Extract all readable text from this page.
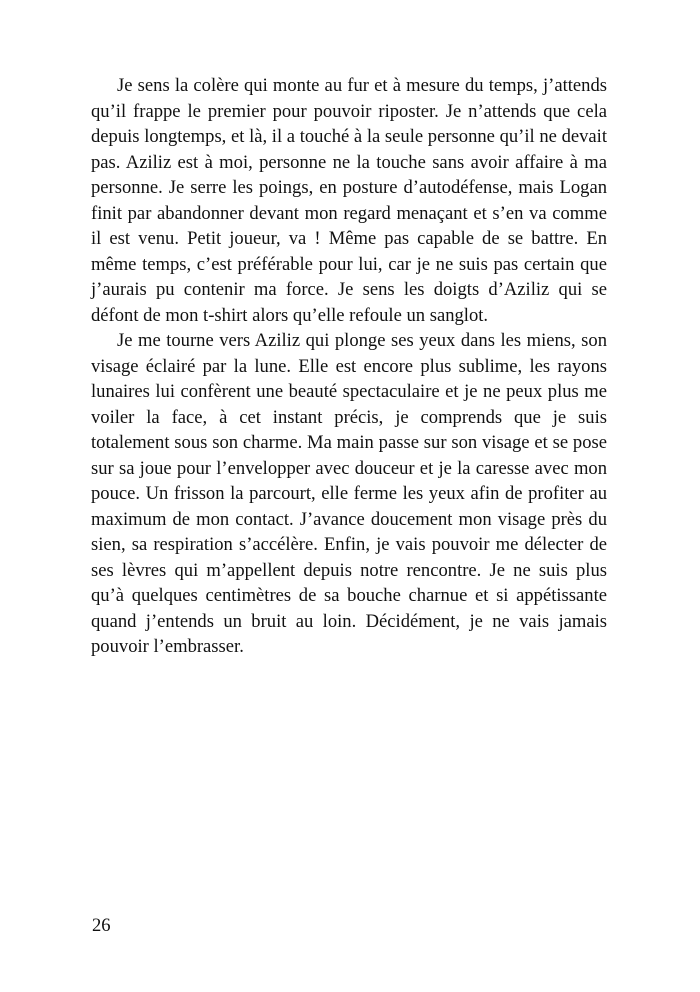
Je sens la colère qui monte au fur et à mesure du temps, j’attends qu’il frappe le premier pour pouvoir riposter. Je n’attends que cela depuis longtemps, et là, il a touché à la seule personne qu’il ne devait pas. Aziliz est à moi, personne ne la touche sans avoir affaire à ma personne. Je serre les poings, en posture d’autodéfense, mais Logan finit par abandonner devant mon regard menaçant et s’en va comme il est venu. Petit joueur, va ! Même pas capable de se battre. En même temps, c’est préférable pour lui, car je ne suis pas certain que j’aurais pu contenir ma force. Je sens les doigts d’Aziliz qui se défont de mon t-shirt alors qu’elle refoule un sanglot.

Je me tourne vers Aziliz qui plonge ses yeux dans les miens, son visage éclairé par la lune. Elle est encore plus sublime, les rayons lunaires lui confèrent une beauté spectaculaire et je ne peux plus me voiler la face, à cet instant précis, je comprends que je suis totalement sous son charme. Ma main passe sur son visage et se pose sur sa joue pour l’envelopper avec douceur et je la caresse avec mon pouce. Un frisson la parcourt, elle ferme les yeux afin de profiter au maximum de mon contact. J’avance doucement mon visage près du sien, sa respiration s’accélère. Enfin, je vais pouvoir me délecter de ses lèvres qui m’appellent depuis notre rencontre. Je ne suis plus qu’à quelques centimètres de sa bouche charnue et si appétissante quand j’entends un bruit au loin. Décidément, je ne vais jamais pouvoir l’embrasser.

26
